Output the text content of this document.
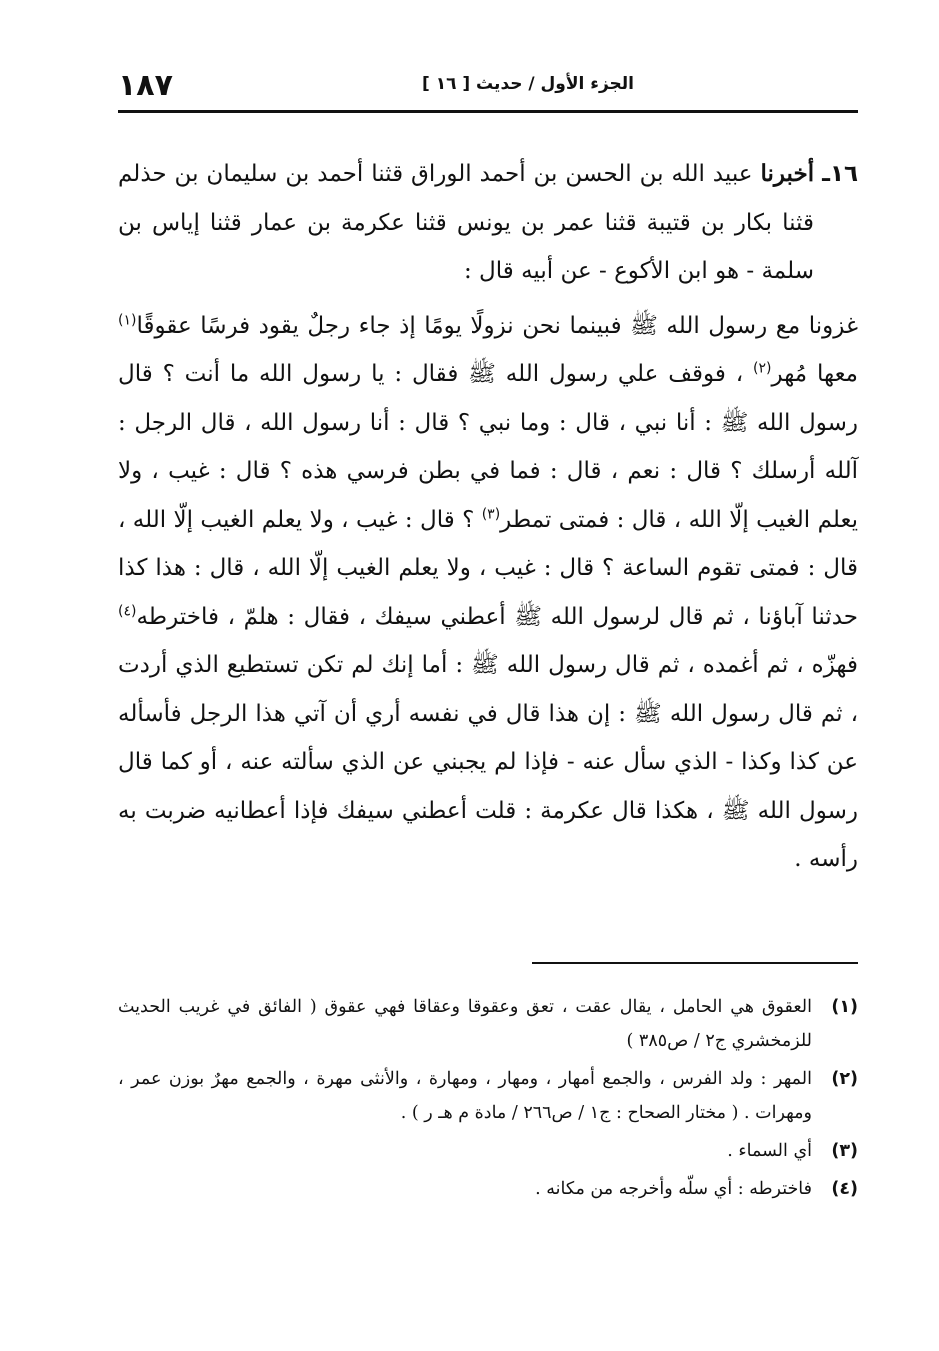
١٨٧	الجزء الأول / حديث [ ١٦ ]

١٦ـ أخبرنا عبيد الله بن الحسن بن أحمد الوراق قثنا أحمد بن سليمان بن حذلم قثنا بكار بن قتيبة قثنا عمر بن يونس قثنا عكرمة بن عمار قثنا إياس بن سلمة - هو ابن الأكوع - عن أبيه قال :

غزونا مع رسول الله ﷺ فبينما نحن نزولًا يومًا إذ جاء رجلٌ يقود فرسًا عقوقًا$^{(١)}$ معها مُهر$^{(٢)}$ ، فوقف علي رسول الله ﷺ فقال : يا رسول الله ما أنت ؟ قال رسول الله ﷺ : أنا نبي ، قال : وما نبي ؟ قال : أنا رسول الله ، قال الرجل : آلله أرسلك ؟ قال : نعم ، قال : فما في بطن فرسي هذه ؟ قال : غيب ، ولا يعلم الغيب إلّا الله ، قال : فمتى تمطر$^{(٣)}$ ؟ قال : غيب ، ولا يعلم الغيب إلّا الله ، قال : فمتى تقوم الساعة ؟ قال : غيب ، ولا يعلم الغيب إلّا الله ، قال : هذا كذا حدثنا آباؤنا ، ثم قال لرسول الله ﷺ أعطني سيفك ، فقال : هلمّ ، فاخترطه$^{(٤)}$ فهزّه ، ثم أغمده ، ثم قال رسول الله ﷺ : أما إنك لم تكن تستطيع الذي أردت ، ثم قال رسول الله ﷺ : إن هذا قال في نفسه أري أن آتي هذا الرجل فأسأله عن كذا وكذا - الذي سأل عنه - فإذا لم يجبني عن الذي سألته عنه ، أو كما قال رسول الله ﷺ ، هكذا قال عكرمة : قلت أعطني سيفك فإذا أعطانيه ضربت به رأسه .

(١)
العقوق هي الحامل ، يقال عقت ، تعق وعقوقا وعقاقا فهي عقوق ( الفائق في غريب الحديث للزمخشري ج٢ / ص٣٨٥ )
(٢)
المهر : ولد الفرس ، والجمع أمهار ، ومهار ، ومهارة ، والأنثى مهرة ، والجمع مهرٌ بوزن عمر ، ومهرات . ( مختار الصحاح : ج١ / ص٢٦٦ / مادة م هـ ر ) .
(٣)
أي السماء .
(٤)
فاخترطه : أي سلّه وأخرجه من مكانه .
